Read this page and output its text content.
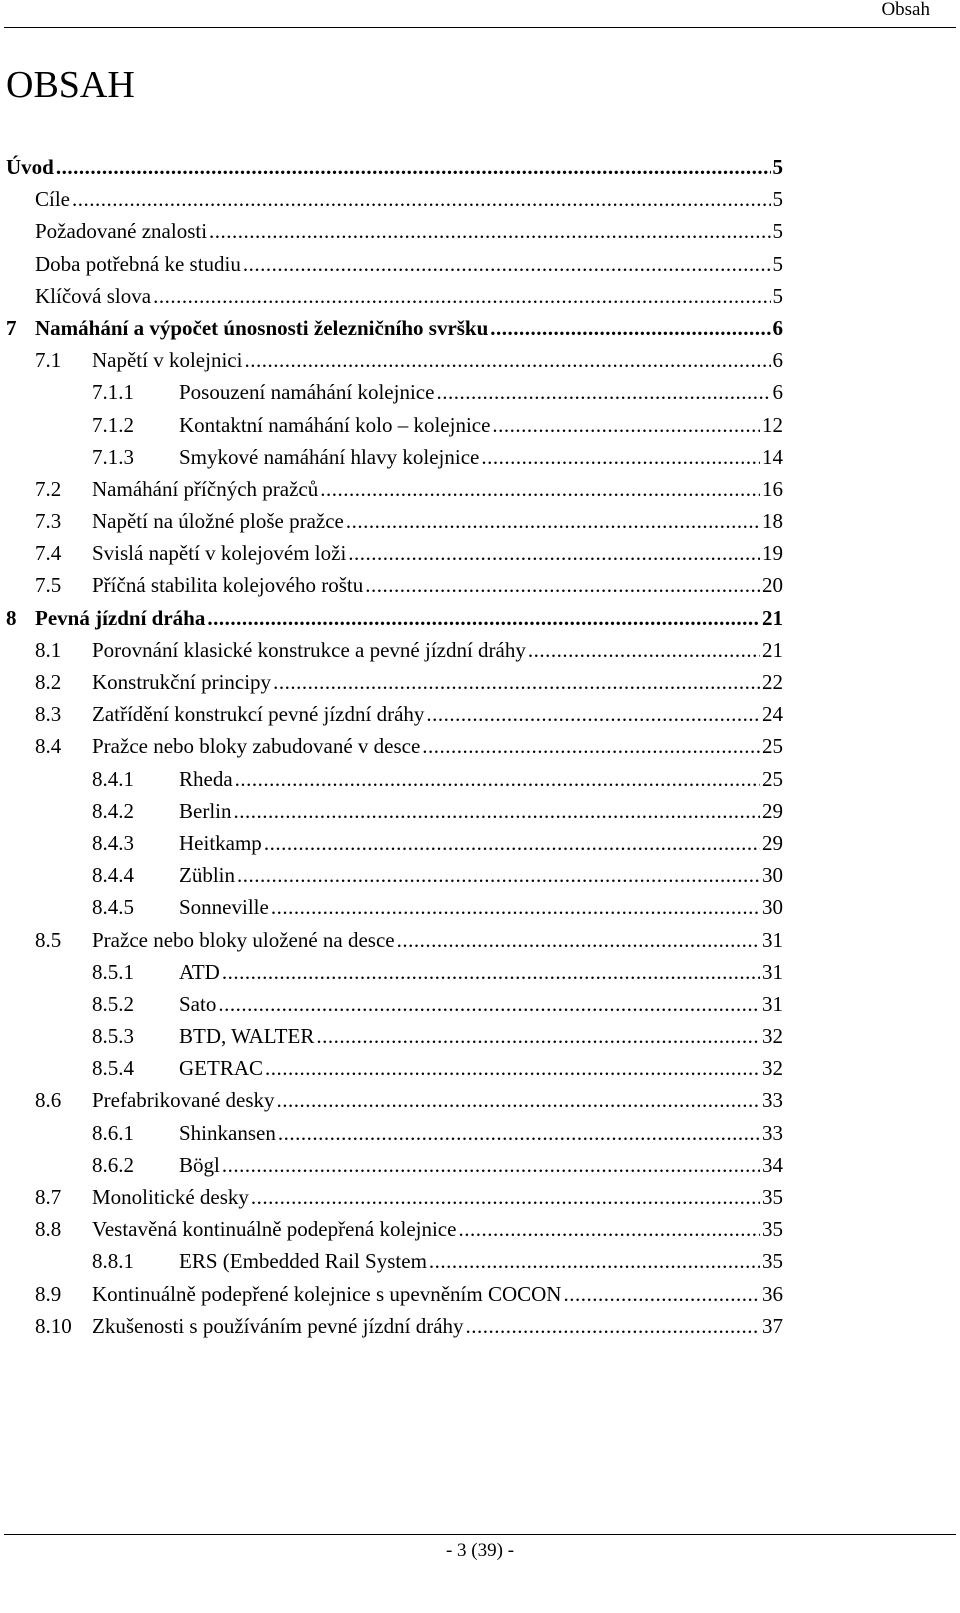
Obsah
OBSAH
Úvod .....	5
Cíle .....	5
Požadované znalosti .....	5
Doba potřebná ke studiu .....	5
Klíčová slova .....	5
7 Namáhání a výpočet únosnosti železničního svršku .....	6
7.1 Napětí v kolejnici .....	6
7.1.1 Posouzení namáhání kolejnice .....	6
7.1.2 Kontaktní namáhání kolo – kolejnice .....	12
7.1.3 Smykové namáhání hlavy kolejnice .....	14
7.2 Namáhání příčných pražců .....	16
7.3 Napětí na úložné ploše pražce .....	18
7.4 Svislá napětí v kolejovém loži .....	19
7.5 Příčná stabilita kolejového roštu .....	20
8 Pevná jízdní dráha .....	21
8.1 Porovnání klasické konstrukce a pevné jízdní dráhy .....	21
8.2 Konstrukční principy .....	22
8.3 Zatřídění konstrukcí pevné jízdní dráhy .....	24
8.4 Pražce nebo bloky zabudované v desce .....	25
8.4.1 Rheda .....	25
8.4.2 Berlin .....	29
8.4.3 Heitkamp .....	29
8.4.4 Züblin .....	30
8.4.5 Sonneville .....	30
8.5 Pražce nebo bloky uložené na desce .....	31
8.5.1 ATD .....	31
8.5.2 Sato .....	31
8.5.3 BTD, WALTER .....	32
8.5.4 GETRAC .....	32
8.6 Prefabrikované desky .....	33
8.6.1 Shinkansen .....	33
8.6.2 Bögl .....	34
8.7 Monolitické desky .....	35
8.8 Vestavěná kontinuálně podepřená kolejnice .....	35
8.8.1 ERS (Embedded Rail System .....	35
8.9 Kontinuálně podepřené kolejnice s upevněním COCON .....	36
8.10 Zkušenosti s používáním pevné jízdní dráhy .....	37
- 3 (39) -
